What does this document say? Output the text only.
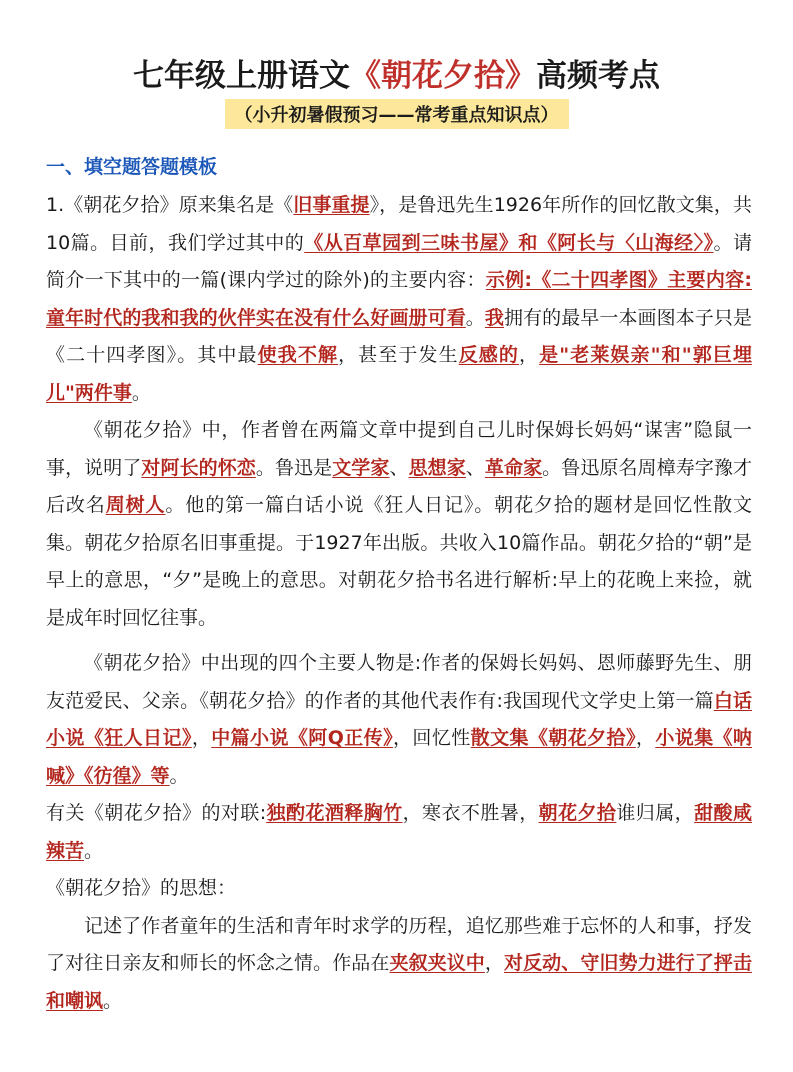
七年级上册语文《朝花夕拾》高频考点
（小升初暑假预习——常考重点知识点）
一、填空题答题模板

1.《朝花夕拾》原来集名是《旧事重提》，是鲁迅先生1926年所作的回忆散文集，共10篇。目前，我们学过其中的《从百草园到三味书屋》和《阿长与〈山海经〉》。请简介一下其中的一篇(课内学过的除外)的主要内容：示例:《二十四孝图》主要内容:童年时代的我和我的伙伴实在没有什么好画册可看。我拥有的最早一本画图本子只是《二十四孝图》。其中最使我不解，甚至于发生反感的，是"老莱娱亲"和"郭巨埋儿"两件事。

《朝花夕拾》中，作者曾在两篇文章中提到自己儿时保姆长妈妈“谋害”隐鼠一事，说明了对阿长的怀恋。鲁迅是文学家、思想家、革命家。鲁迅原名周樟寿字豫才后改名周树人。他的第一篇白话小说《狂人日记》。朝花夕拾的题材是回忆性散文集。朝花夕拾原名旧事重提。于1927年出版。共收入10篇作品。朝花夕拾的“朝”是早上的意思，“夕”是晚上的意思。对朝花夕拾书名进行解析:早上的花晚上来捡，就是成年时回忆往事。

《朝花夕拾》中出现的四个主要人物是:作者的保姆长妈妈、恩师藤野先生、朋友范爱民、父亲。《朝花夕拾》的作者的其他代表作有:我国现代文学史上第一篇白话小说《狂人日记》，中篇小说《阿Q正传》，回忆性散文集《朝花夕拾》，小说集《呐喊》《彷徨》等。

有关《朝花夕拾》的对联:独酌花酒释胸竹，寒衣不胜暑，朝花夕拾谁归属，甜酸咸辣苦。

《朝花夕拾》的思想：

记述了作者童年的生活和青年时求学的历程，追忆那些难于忘怀的人和事，抒发了对往日亲友和师长的怀念之情。作品在夹叙夹议中，对反动、守旧势力进行了抨击和嘲讽。
